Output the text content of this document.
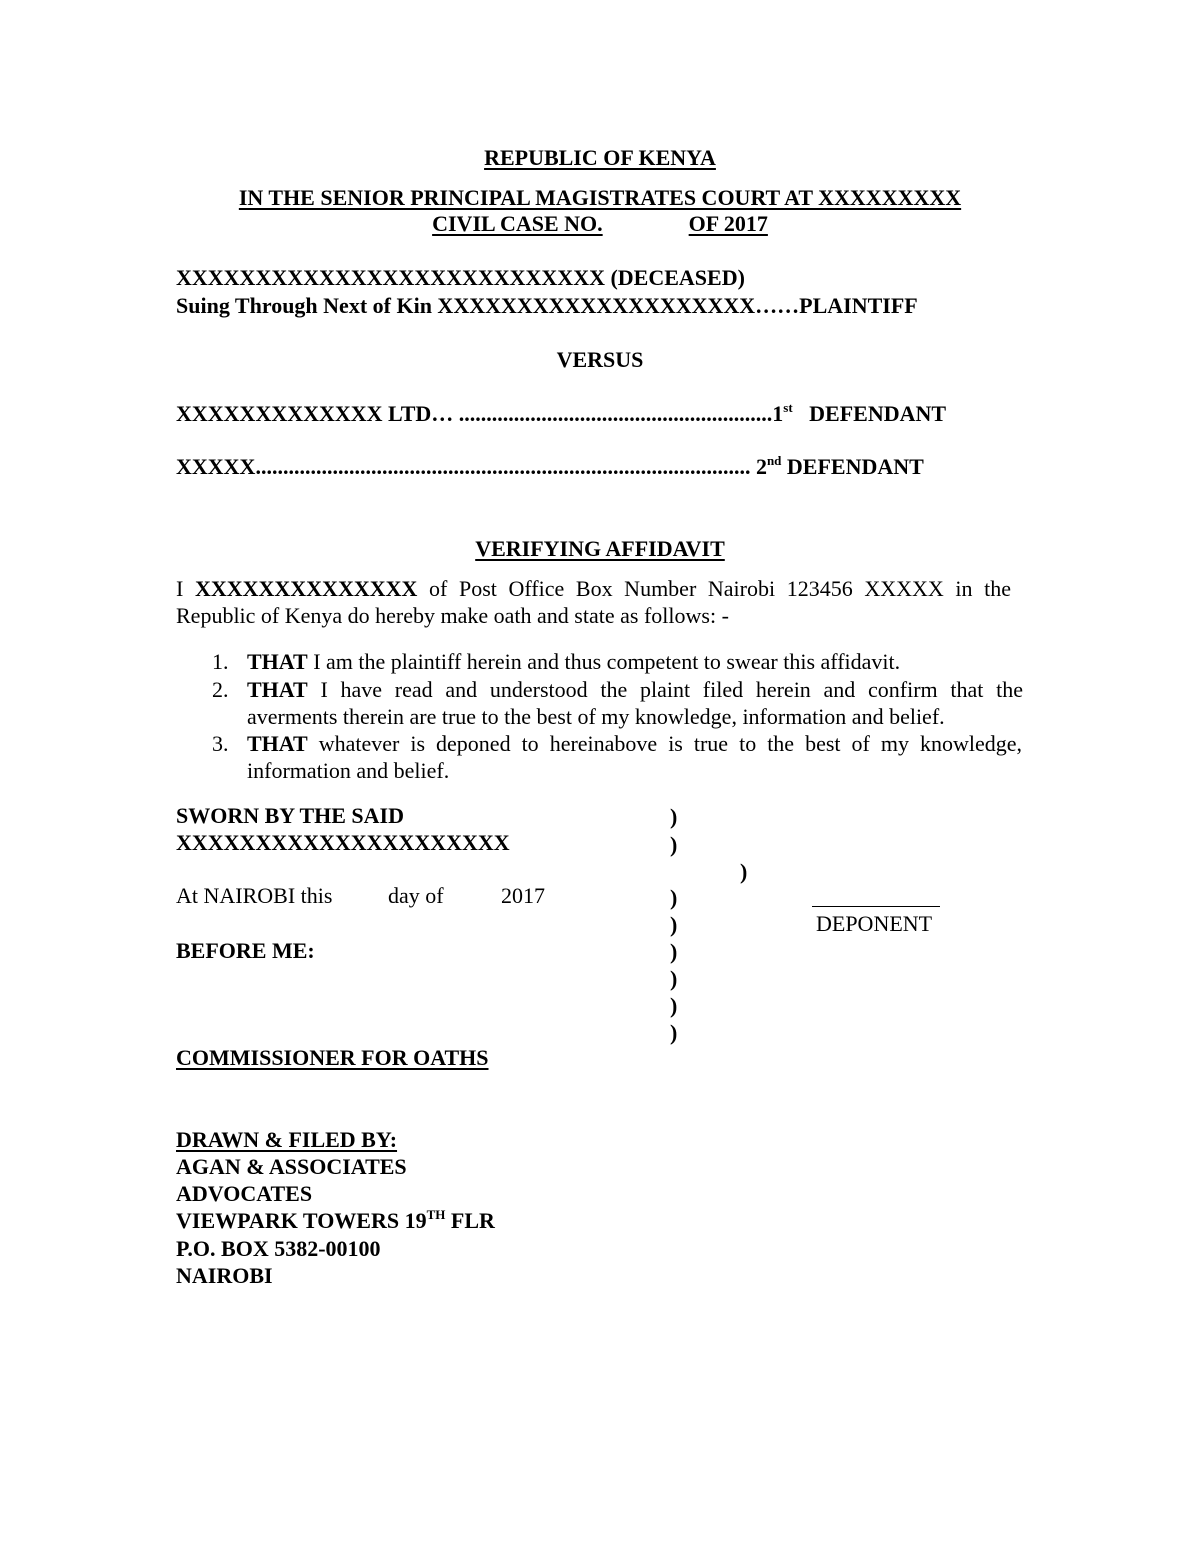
REPUBLIC OF KENYA
IN THE SENIOR PRINCIPAL MAGISTRATES COURT AT XXXXXXXXX
CIVIL CASE NO.	OF 2017
XXXXXXXXXXXXXXXXXXXXXXXXXXX (DECEASED)
Suing Through Next of Kin XXXXXXXXXXXXXXXXXXXX……PLAINTIFF
VERSUS
XXXXXXXXXXXXX LTD… .........................................................1st DEFENDANT
XXXXX.......................................................................................... 2nd DEFENDANT
VERIFYING AFFIDAVIT
I XXXXXXXXXXXXXX of Post Office Box Number Nairobi 123456 XXXXX in the
Republic of Kenya do hereby make oath and state as follows: -
1. THAT I am the plaintiff herein and thus competent to swear this affidavit.
2. THAT I have read and understood the plaint filed herein and confirm that the
averments therein are true to the best of my knowledge, information and belief.
3. THAT whatever is deponed to hereinabove is true to the best of my knowledge,
information and belief.
SWORN BY THE SAID
XXXXXXXXXXXXXXXXXXXXX
)
)
)
)
)
)
)
)
)
At NAIROBI this	day of	2017
DEPONENT
BEFORE ME:
COMMISSIONER FOR OATHS
DRAWN & FILED BY:
AGAN & ASSOCIATES
ADVOCATES
VIEWPARK TOWERS 19TH FLR
P.O. BOX 5382-00100
NAIROBI
